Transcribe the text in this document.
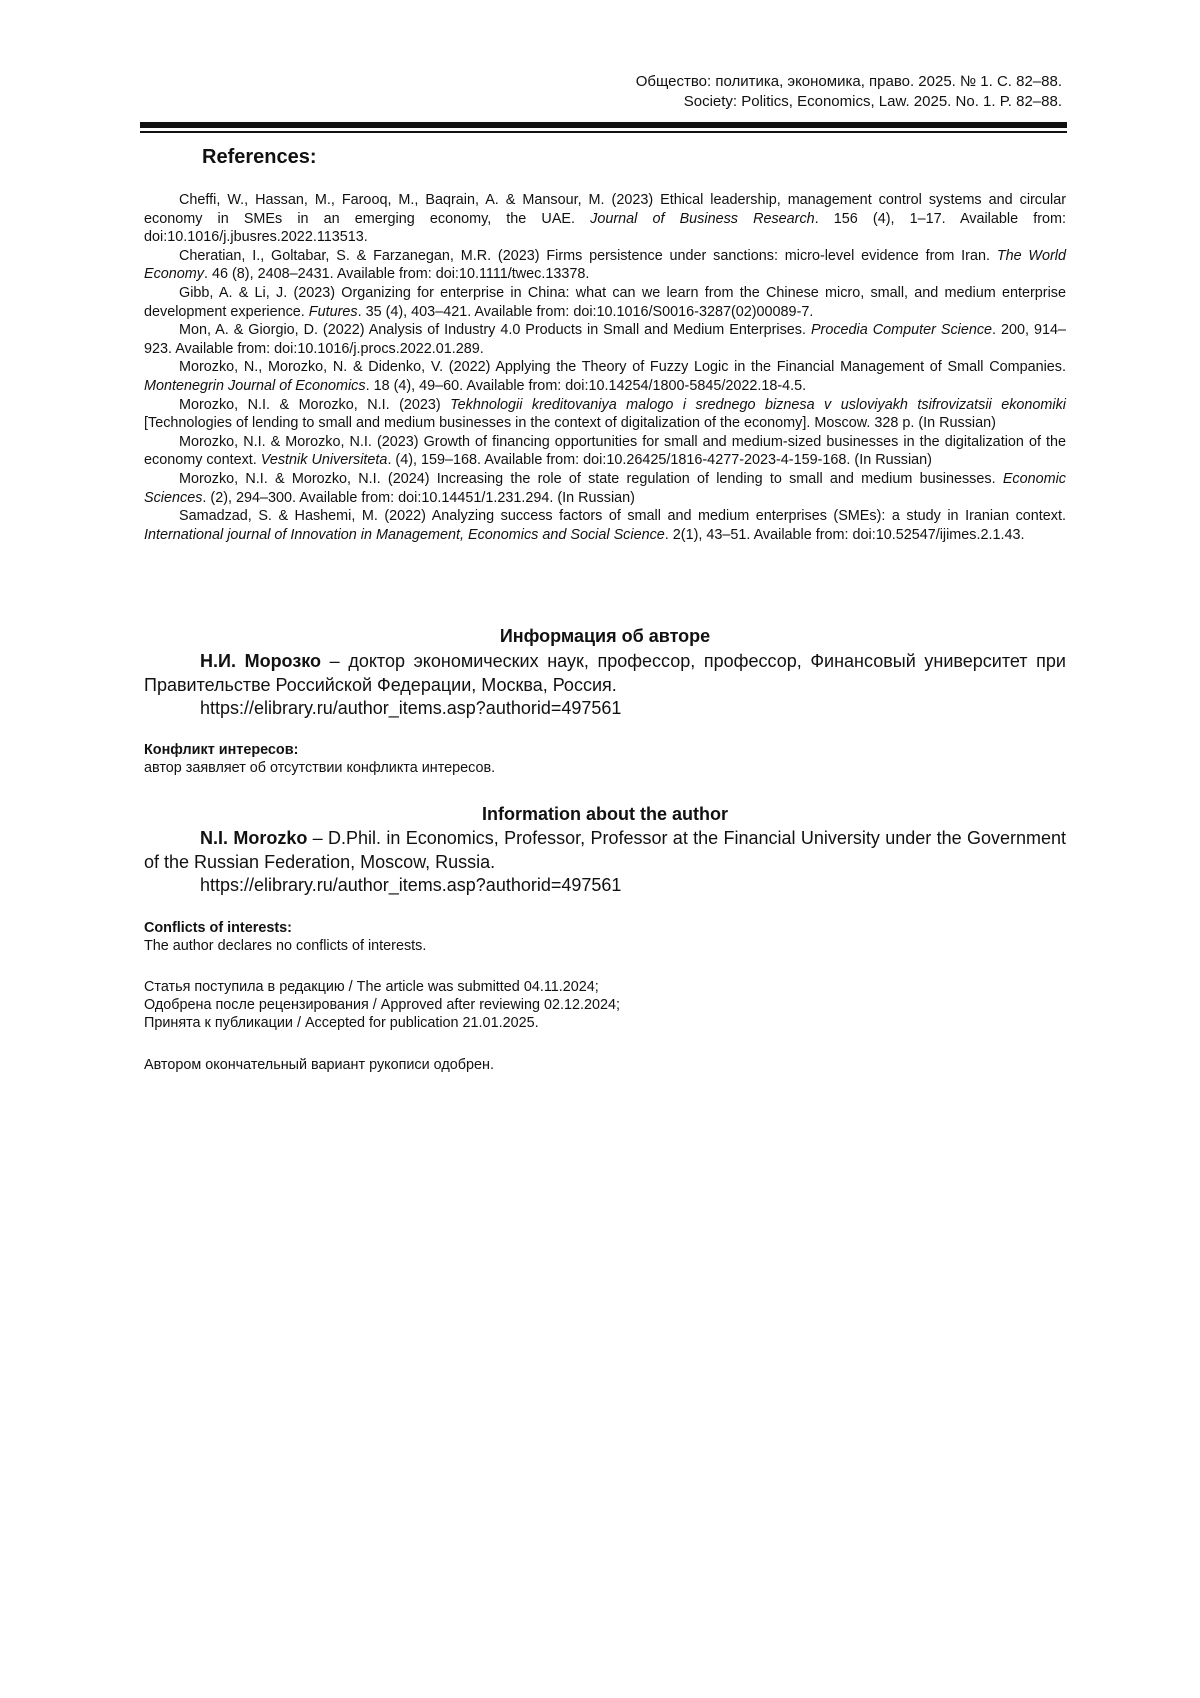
Общество: политика, экономика, право. 2025. № 1. С. 82–88.
Society: Politics, Economics, Law. 2025. No. 1. P. 82–88.
References:

Cheffi, W., Hassan, M., Farooq, M., Baqrain, A. & Mansour, M. (2023) Ethical leadership, management control systems and circular economy in SMEs in an emerging economy, the UAE. Journal of Business Research. 156 (4), 1–17. Available from: doi:10.1016/j.jbusres.2022.113513.

Cheratian, I., Goltabar, S. & Farzanegan, M.R. (2023) Firms persistence under sanctions: micro-level evidence from Iran. The World Economy. 46 (8), 2408–2431. Available from: doi:10.1111/twec.13378.

Gibb, A. & Li, J. (2023) Organizing for enterprise in China: what can we learn from the Chinese micro, small, and medium enterprise development experience. Futures. 35 (4), 403–421. Available from: doi:10.1016/S0016-3287(02)00089-7.

Mon, A. & Giorgio, D. (2022) Analysis of Industry 4.0 Products in Small and Medium Enterprises. Procedia Computer Science. 200, 914–923. Available from: doi:10.1016/j.procs.2022.01.289.

Morozko, N., Morozko, N. & Didenko, V. (2022) Applying the Theory of Fuzzy Logic in the Financial Management of Small Companies. Montenegrin Journal of Economics. 18 (4), 49–60. Available from: doi:10.14254/1800-5845/2022.18-4.5.

Morozko, N.I. & Morozko, N.I. (2023) Tekhnologii kreditovaniya malogo i srednego biznesa v usloviyakh tsifrovizatsii ekonomiki [Technologies of lending to small and medium businesses in the context of digitalization of the economy]. Moscow. 328 p. (In Russian)

Morozko, N.I. & Morozko, N.I. (2023) Growth of financing opportunities for small and medium-sized businesses in the digitalization of the economy context. Vestnik Universiteta. (4), 159–168. Available from: doi:10.26425/1816-4277-2023-4-159-168. (In Russian)

Morozko, N.I. & Morozko, N.I. (2024) Increasing the role of state regulation of lending to small and medium businesses. Economic Sciences. (2), 294–300. Available from: doi:10.14451/1.231.294. (In Russian)

Samadzad, S. & Hashemi, M. (2022) Analyzing success factors of small and medium enterprises (SMEs): a study in Iranian context. International journal of Innovation in Management, Economics and Social Science. 2(1), 43–51. Available from: doi:10.52547/ijimes.2.1.43.

Информация об авторе

Н.И. Морозко – доктор экономических наук, профессор, профессор, Финансовый университет при Правительстве Российской Федерации, Москва, Россия.

https://elibrary.ru/author_items.asp?authorid=497561

Конфликт интересов:
автор заявляет об отсутствии конфликта интересов.
Information about the author

N.I. Morozko – D.Phil. in Economics, Professor, Professor at the Financial University under the Government of the Russian Federation, Moscow, Russia.

https://elibrary.ru/author_items.asp?authorid=497561

Conflicts of interests:
The author declares no conflicts of interests.
Статья поступила в редакцию / The article was submitted 04.11.2024;
Одобрена после рецензирования / Approved after reviewing 02.12.2024;
Принята к публикации / Accepted for publication 21.01.2025.
Автором окончательный вариант рукописи одобрен.
